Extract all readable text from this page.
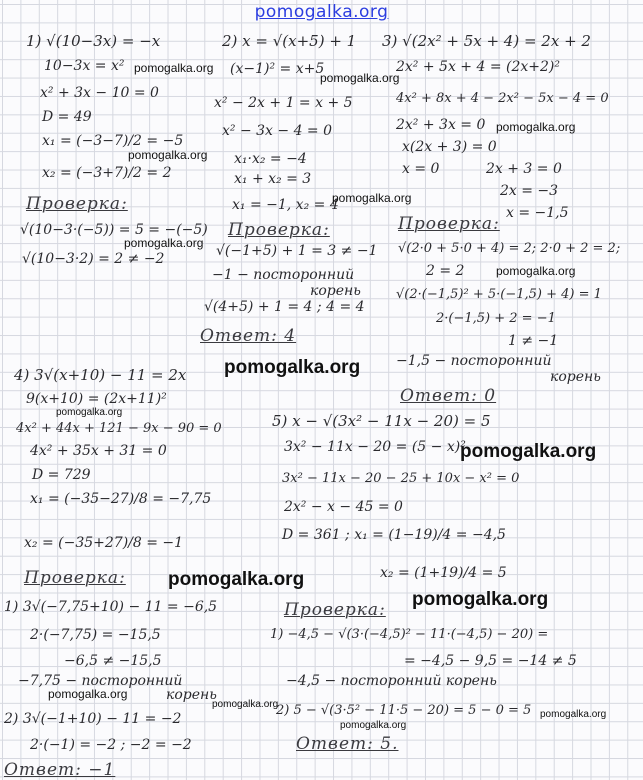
pomogalka.org
1) √(10−3x) = −x
10−3x = x²
x² + 3x − 10 = 0
D = 49
x₁ = (−3−7)/2 = −5
x₂ = (−3+7)/2 = 2
Проверка:
√(10−3·(−5)) = 5 = −(−5)
√(10−3·2) = 2 ≠ −2
2) x = √(x+5) + 1
(x−1)² = x+5
x² − 2x + 1 = x + 5
x² − 3x − 4 = 0
x₁·x₂ = −4
x₁ + x₂ = 3
x₁ = −1, x₂ = 4
Проверка:
√(−1+5) + 1 = 3 ≠ −1
−1 − посторонний
корень
√(4+5) + 1 = 4 ; 4 = 4
Ответ: 4
3) √(2x² + 5x + 4) = 2x + 2
2x² + 5x + 4 = (2x+2)²
4x² + 8x + 4 − 2x² − 5x − 4 = 0
2x² + 3x = 0
x(2x + 3) = 0
x = 0	2x + 3 = 0
2x = −3
x = −1,5
Проверка:
√(2·0 + 5·0 + 4) = 2; 2·0 + 2 = 2;
2 = 2
√(2·(−1,5)² + 5·(−1,5) + 4) = 1
2·(−1,5) + 2 = −1
1 ≠ −1
−1,5 − посторонний
корень
Ответ: 0
4) 3√(x+10) − 11 = 2x
9(x+10) = (2x+11)²
4x² + 44x + 121 − 9x − 90 = 0
4x² + 35x + 31 = 0
D = 729
x₁ = (−35−27)/8 = −7,75
x₂ = (−35+27)/8 = −1
Проверка:
1) 3√(−7,75+10) − 11 = −6,5
2·(−7,75) = −15,5
−6,5 ≠ −15,5
−7,75 − посторонний
корень
2) 3√(−1+10) − 11 = −2
2·(−1) = −2 ; −2 = −2
Ответ: −1
5) x − √(3x² − 11x − 20) = 5
3x² − 11x − 20 = (5 − x)²
3x² − 11x − 20 − 25 + 10x − x² = 0
2x² − x − 45 = 0
D = 361 ; x₁ = (1−19)/4 = −4,5
x₂ = (1+19)/4 = 5
Проверка:
1) −4,5 − √(3·(−4,5)² − 11·(−4,5) − 20) =
= −4,5 − 9,5 = −14 ≠ 5
−4,5 − посторонний корень
2) 5 − √(3·5² − 11·5 − 20) = 5 − 0 = 5
Ответ: 5.
pomogalka.org
pomogalka.org
pomogalka.org
pomogalka.org
pomogalka.org
pomogalka.org
pomogalka.org
pomogalka.org
pomogalka.org
pomogalka.org
pomogalka.org
pomogalka.org
pomogalka.org
pomogalka.org
pomogalka.org
pomogalka.org
